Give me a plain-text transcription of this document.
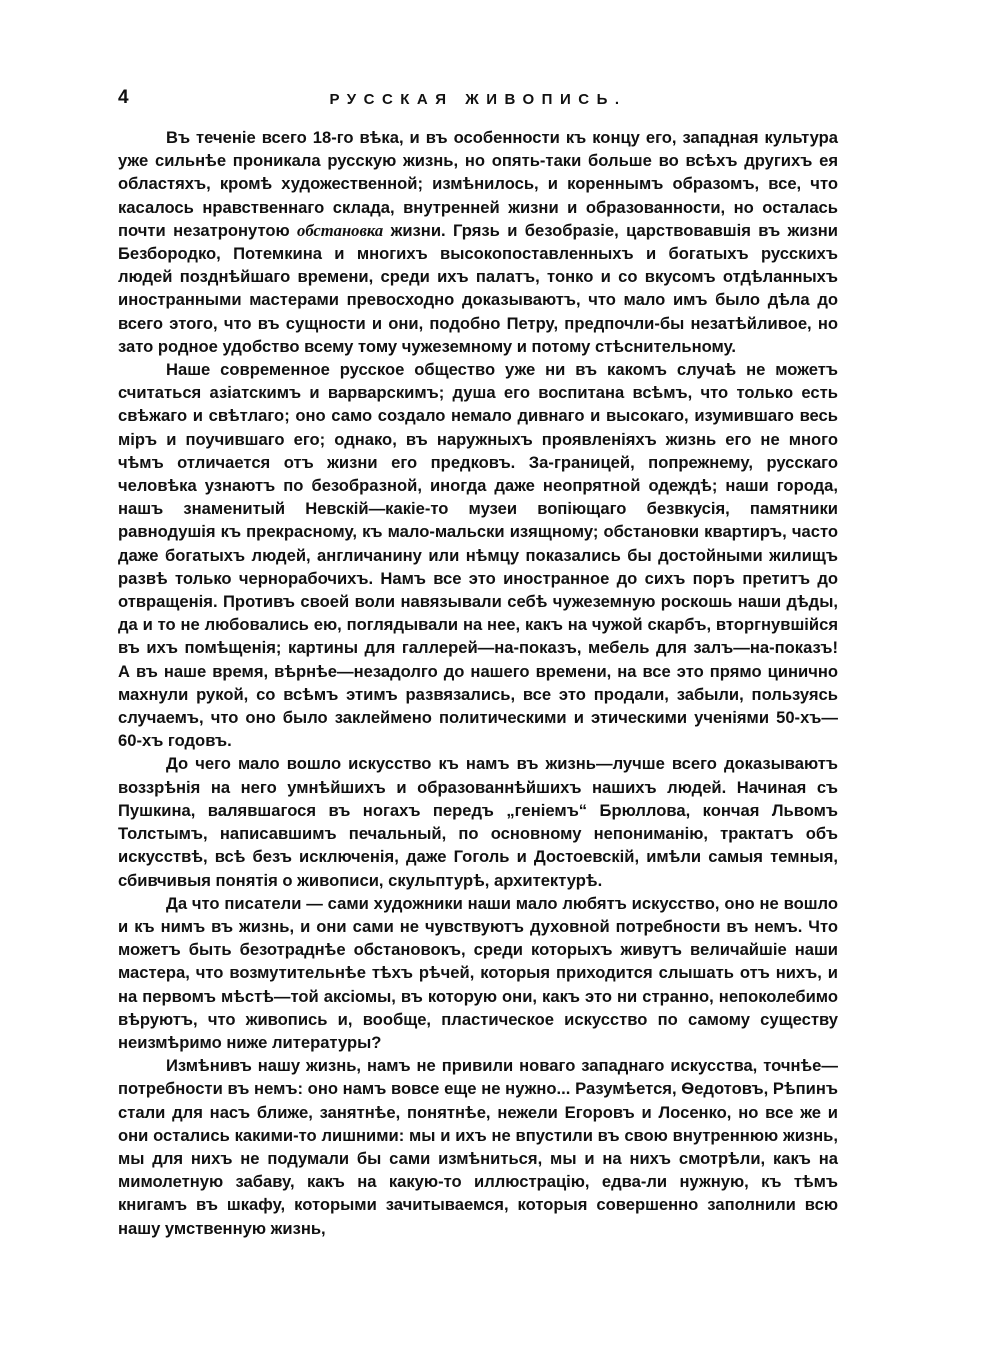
4	РУССКАЯ ЖИВОПИСЬ.

Въ теченіе всего 18-го вѣка, и въ особенности къ концу его, западная культура уже сильнѣе проникала русскую жизнь, но опять-таки больше во всѣхъ другихъ ея областяхъ, кромѣ художественной; измѣнилось, и кореннымъ образомъ, все, что касалось нравственнаго склада, внутренней жизни и образованности, но осталась почти незатронутою обстановка жизни. Грязь и безобразіе, царствовавшія въ жизни Безбородко, Потемкина и многихъ высокопоставленныхъ и богатыхъ русскихъ людей позднѣйшаго времени, среди ихъ палатъ, тонко и со вкусомъ отдѣланныхъ иностранными мастерами превосходно доказываютъ, что мало имъ было дѣла до всего этого, что въ сущности и они, подобно Петру, предпочли-бы незатѣйливое, но зато родное удобство всему тому чужеземному и потому стѣснительному.

Наше современное русское общество уже ни въ какомъ случаѣ не можетъ считаться азіатскимъ и варварскимъ; душа его воспитана всѣмъ, что только есть свѣжаго и свѣтлаго; оно само создало немало дивнаго и высокаго, изумившаго весь міръ и поучившаго его; однако, въ наружныхъ проявленіяхъ жизнь его не много чѣмъ отличается отъ жизни его предковъ. За-границей, попрежнему, русскаго человѣка узнаютъ по безобразной, иногда даже неопрятной одеждѣ; наши города, нашъ знаменитый Невскій—какіе-то музеи вопіющаго безвкусія, памятники равнодушія къ прекрасному, къ мало-мальски изящному; обстановки квартиръ, часто даже богатыхъ людей, англичанину или нѣмцу показались бы достойными жилищъ развѣ только чернорабочихъ. Намъ все это иностранное до сихъ поръ претитъ до отвращенія. Противъ своей воли навязывали себѣ чужеземную роскошь наши дѣды, да и то не любовались ею, поглядывали на нее, какъ на чужой скарбъ, вторгнувшійся въ ихъ помѣщенія; картины для галлерей—на-показъ, мебель для залъ—на-показъ! А въ наше время, вѣрнѣе—незадолго до нашего времени, на все это прямо цинично махнули рукой, со всѣмъ этимъ развязались, все это продали, забыли, пользуясь случаемъ, что оно было заклеймено политическими и этическими ученіями 50-хъ—60-хъ годовъ.

До чего мало вошло искусство къ намъ въ жизнь—лучше всего доказываютъ воззрѣнія на него умнѣйшихъ и образованнѣйшихъ нашихъ людей. Начиная съ Пушкина, валявшагося въ ногахъ передъ „геніемъ“ Брюллова, кончая Львомъ Толстымъ, написавшимъ печальный, по основному непониманію, трактатъ объ искусствѣ, всѣ безъ исключенія, даже Гоголь и Достоевскій, имѣли самыя темныя, сбивчивыя понятія о живописи, скульптурѣ, архитектурѣ.

Да что писатели — сами художники наши мало любятъ искусство, оно не вошло и къ нимъ въ жизнь, и они сами не чувствуютъ духовной потребности въ немъ. Что можетъ быть безотраднѣе обстановокъ, среди которыхъ живутъ величайшіе наши мастера, что возмутительнѣе тѣхъ рѣчей, которыя приходится слышать отъ нихъ, и на первомъ мѣстѣ—той аксіомы, въ которую они, какъ это ни странно, непоколебимо вѣруютъ, что живопись и, вообще, пластическое искусство по самому существу неизмѣримо ниже литературы?

Измѣнивъ нашу жизнь, намъ не привили новаго западнаго искусства, точнѣе—потребности въ немъ: оно намъ вовсе еще не нужно... Разумѣется, Ѳедотовъ, Рѣпинъ стали для насъ ближе, занятнѣе, понятнѣе, нежели Егоровъ и Лосенко, но все же и они остались какими-то лишними: мы и ихъ не впустили въ свою внутреннюю жизнь, мы для нихъ не подумали бы сами измѣниться, мы и на нихъ смотрѣли, какъ на мимолетную забаву, какъ на какую-то иллюстрацію, едва-ли нужную, къ тѣмъ книгамъ въ шкафу, которыми зачитываемся, которыя совершенно заполнили всю нашу умственную жизнь,
